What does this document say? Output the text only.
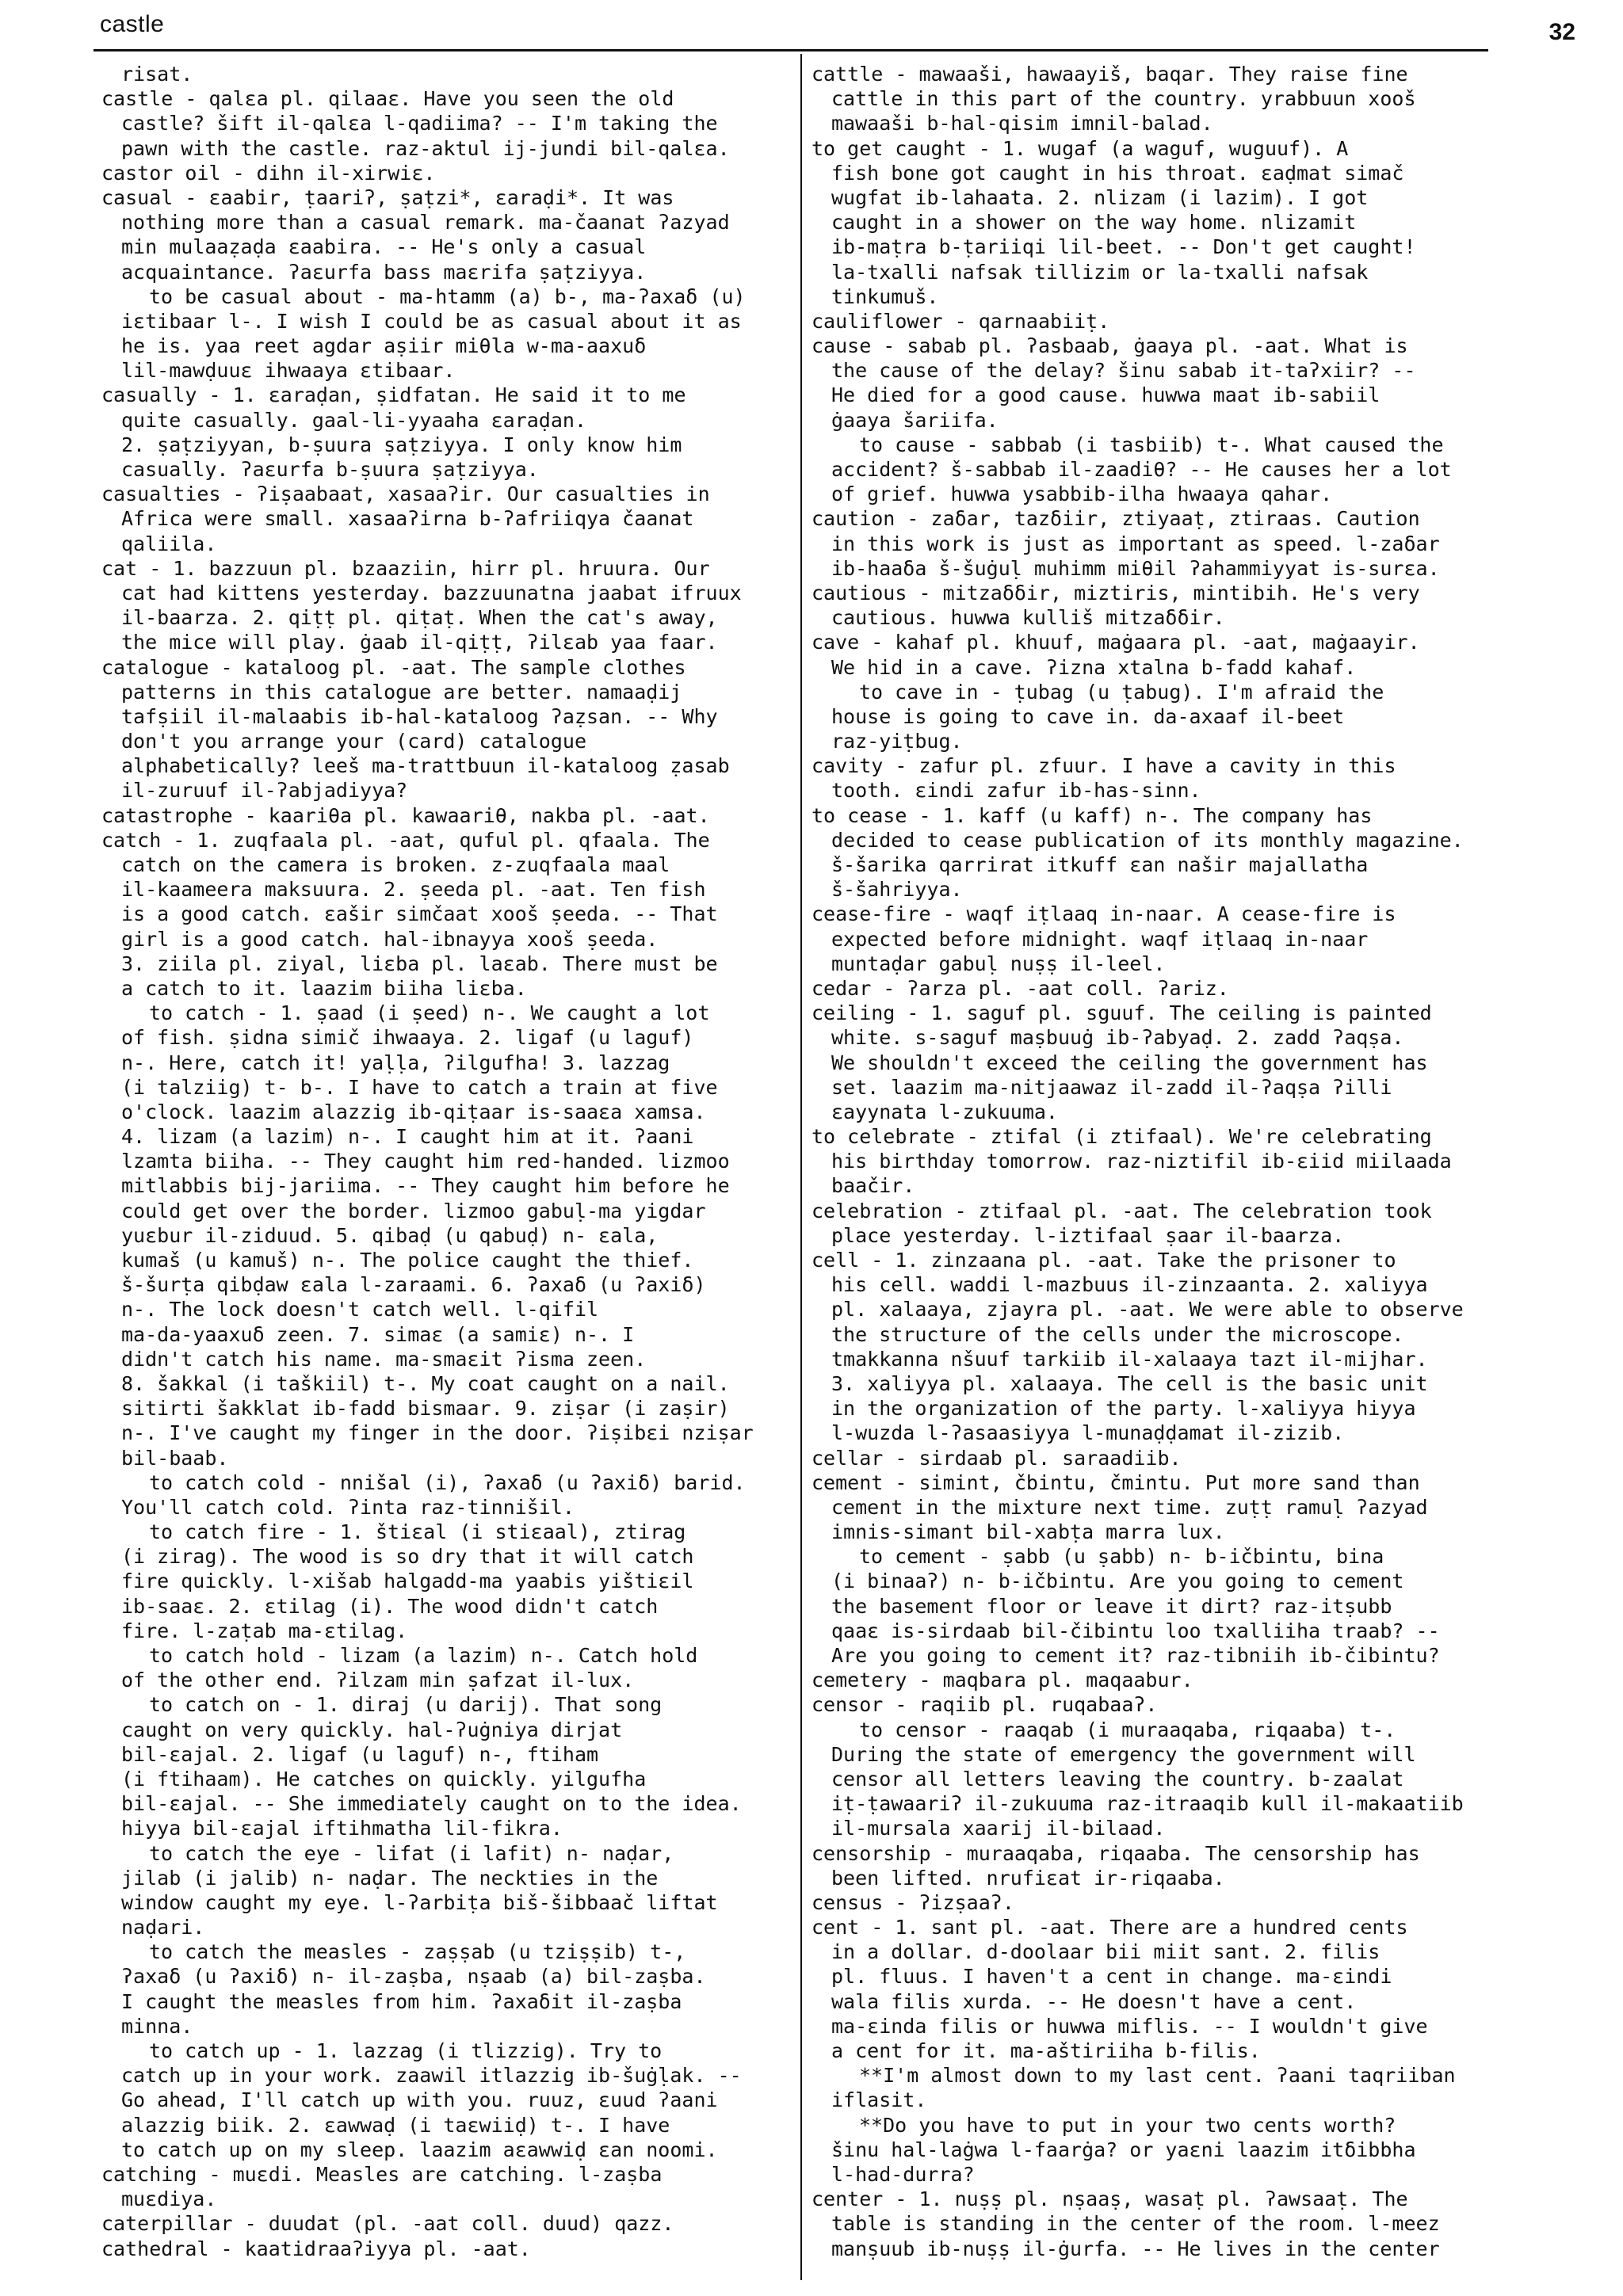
castle	32
risat.
castle - qalεa pl. qilaaε. Have you seen the old
castle? šift il-qalεa l-qadiima? -- I'm taking the
pawn with the castle. raz-aktul ij-jundi bil-qalεa.
castor oil - dihn il-xirwiε.
casual - εaabir, ṭaariʔ, ṣaṭzi*, εaraḍi*. It was
nothing more than a casual remark. ma-čaanat ʔazyad
min mulaaẓaḍa εaabira. -- He's only a casual
acquaintance. ʔaεurfa bass maεrifa ṣaṭziyya.
to be casual about - ma-htamm (a) b-, ma-ʔaxaδ (u)
iεtibaar l-. I wish I could be as casual about it as
he is. yaa reet agdar aṣiir miθla w-ma-aaxuδ
lil-mawḍuuε ihwaaya εtibaar.
casually - 1. εaraḍan, ṣidfatan. He said it to me
quite casually. gaal-li-yyaaha εaraḍan.
2. ṣaṭziyyan, b-ṣuura ṣaṭziyya. I only know him
casually. ʔaεurfa b-ṣuura ṣaṭziyya.
casualties - ʔiṣaabaat, xasaaʔir. Our casualties in
Africa were small. xasaaʔirna b-ʔafriiqya čaanat
qaliila.
cat - 1. bazzuun pl. bzaaziin, hirr pl. hruura. Our
cat had kittens yesterday. bazzuunatna jaabat ifruux
il-baarza. 2. qiṭṭ pl. qiṭaṭ. When the cat's away,
the mice will play. ġaab il-qiṭṭ, ʔilεab yaa faar.
catalogue - kataloog pl. -aat. The sample clothes
patterns in this catalogue are better. namaaḍij
tafṣiil il-malaabis ib-hal-kataloog ʔaẓsan. -- Why
don't you arrange your (card) catalogue
alphabetically? leeš ma-trattbuun il-kataloog ẓasab
il-zuruuf il-ʔabjadiyya?
catastrophe - kaariθa pl. kawaariθ, nakba pl. -aat.
catch - 1. zuqfaala pl. -aat, quful pl. qfaala. The
catch on the camera is broken. z-zuqfaala maal
il-kaameera maksuura. 2. ṣeeda pl. -aat. Ten fish
is a good catch. εašir simčaat xooš ṣeeda. -- That
girl is a good catch. hal-ibnayya xooš ṣeeda.
3. ziila pl. ziyal, liεba pl. laεab. There must be
a catch to it. laazim biiha liεba.
to catch - 1. ṣaad (i ṣeed) n-. We caught a lot
of fish. ṣidna simič ihwaaya. 2. ligaf (u laguf)
n-. Here, catch it! yaḷḷa, ʔilgufha! 3. lazzag
(i talziig) t- b-. I have to catch a train at five
o'clock. laazim alazzig ib-qiṭaar is-saaεa xamsa.
4. lizam (a lazim) n-. I caught him at it. ʔaani
lzamta biiha. -- They caught him red-handed. lizmoo
mitlabbis bij-jariima. -- They caught him before he
could get over the border. lizmoo gabuḷ-ma yigdar
yuεbur il-ziduud. 5. qibaḍ (u qabuḍ) n- εala,
kumaš (u kamuš) n-. The police caught the thief.
š-šurṭa qibḍaw εala l-zaraami. 6. ʔaxaδ (u ʔaxiδ)
n-. The lock doesn't catch well. l-qifil
ma-da-yaaxuδ zeen. 7. simaε (a samiε) n-. I
didn't catch his name. ma-smaεit ʔisma zeen.
8. šakkal (i taškiil) t-. My coat caught on a nail.
sitirti šakklat ib-fadd bismaar. 9. ziṣar (i zaṣir)
n-. I've caught my finger in the door. ʔiṣibεi nziṣar
bil-baab.
to catch cold - nnišal (i), ʔaxaδ (u ʔaxiδ) barid.
You'll catch cold. ʔinta raz-tinnišil.
to catch fire - 1. štiεal (i stiεaal), ztirag
(i zirag). The wood is so dry that it will catch
fire quickly. l-xišab halgadd-ma yaabis yištiεil
ib-saaε. 2. εtilag (i). The wood didn't catch
fire. l-zaṭab ma-εtilag.
to catch hold - lizam (a lazim) n-. Catch hold
of the other end. ʔilzam min ṣafzat il-lux.
to catch on - 1. diraj (u darij). That song
caught on very quickly. hal-ʔuġniya dirjat
bil-εajal. 2. ligaf (u laguf) n-, ftiham
(i ftihaam). He catches on quickly. yilgufha
bil-εajal. -- She immediately caught on to the idea.
hiyya bil-εajal iftihmatha lil-fikra.
to catch the eye - lifat (i lafit) n- naḍar,
jilab (i jalib) n- naḍar. The neckties in the
window caught my eye. l-ʔarbiṭa biš-šibbaač liftat
naḍari.
to catch the measles - zaṣṣab (u tziṣṣib) t-,
ʔaxaδ (u ʔaxiδ) n- il-zaṣba, nṣaab (a) bil-zaṣba.
I caught the measles from him. ʔaxaδit il-zaṣba
minna.
to catch up - 1. lazzag (i tlizzig). Try to
catch up in your work. zaawil itlazzig ib-šuġḷak. --
Go ahead, I'll catch up with you. ruuz, εuud ʔaani
alazzig biik. 2. εawwaḍ (i taεwiiḍ) t-. I have
to catch up on my sleep. laazim aεawwiḍ εan noomi.
catching - muεdi. Measles are catching. l-zaṣba
muεdiya.
caterpillar - duudat (pl. -aat coll. duud) qazz.
cathedral - kaatidraaʔiyya pl. -aat.
cattle - mawaaši, hawaayiš, baqar. They raise fine
cattle in this part of the country. yrabbuun xooš
mawaaši b-hal-qisim imnil-balad.
to get caught - 1. wugaf (a waguf, wuguuf). A
fish bone got caught in his throat. εaḍmat simač
wugfat ib-lahaata. 2. nlizam (i lazim). I got
caught in a shower on the way home. nlizamit
ib-maṭra b-ṭariiqi lil-beet. -- Don't get caught!
la-txalli nafsak tillizim or la-txalli nafsak
tinkumuš.
cauliflower - qarnaabiiṭ.
cause - sabab pl. ʔasbaab, ġaaya pl. -aat. What is
the cause of the delay? šinu sabab it-taʔxiir? --
He died for a good cause. huwwa maat ib-sabiil
ġaaya šariifa.
to cause - sabbab (i tasbiib) t-. What caused the
accident? š-sabbab il-zaadiθ? -- He causes her a lot
of grief. huwwa ysabbib-ilha hwaaya qahar.
caution - zaδar, tazδiir, ztiyaaṭ, ztiraas. Caution
in this work is just as important as speed. l-zaδar
ib-haaδa š-šuġuḷ muhimm miθil ʔahammiyyat is-surεa.
cautious - mitzaδδir, miztiris, mintibih. He's very
cautious. huwwa kulliš mitzaδδir.
cave - kahaf pl. khuuf, maġaara pl. -aat, maġaayir.
We hid in a cave. ʔizna xtalna b-fadd kahaf.
to cave in - ṭubag (u ṭabug). I'm afraid the
house is going to cave in. da-axaaf il-beet
raz-yiṭbug.
cavity - zafur pl. zfuur. I have a cavity in this
tooth. εindi zafur ib-has-sinn.
to cease - 1. kaff (u kaff) n-. The company has
decided to cease publication of its monthly magazine.
š-šarika qarrirat itkuff εan našir majallatha
š-šahriyya.
cease-fire - waqf iṭlaaq in-naar. A cease-fire is
expected before midnight. waqf iṭlaaq in-naar
muntaḍar gabuḷ nuṣṣ il-leel.
cedar - ʔarza pl. -aat coll. ʔariz.
ceiling - 1. saguf pl. sguuf. The ceiling is painted
white. s-saguf maṣbuuġ ib-ʔabyaḍ. 2. zadd ʔaqṣa.
We shouldn't exceed the ceiling the government has
set. laazim ma-nitjaawaz il-zadd il-ʔaqṣa ʔilli
εayynata l-zukuuma.
to celebrate - ztifal (i ztifaal). We're celebrating
his birthday tomorrow. raz-niztifil ib-εiid miilaada
baačir.
celebration - ztifaal pl. -aat. The celebration took
place yesterday. l-iztifaal ṣaar il-baarza.
cell - 1. zinzaana pl. -aat. Take the prisoner to
his cell. waddi l-mazbuus il-zinzaanta. 2. xaliyya
pl. xalaaya, zjayra pl. -aat. We were able to observe
the structure of the cells under the microscope.
tmakkanna nšuuf tarkiib il-xalaaya tazt il-mijhar.
3. xaliyya pl. xalaaya. The cell is the basic unit
in the organization of the party. l-xaliyya hiyya
l-wuzda l-ʔasaasiyya l-munaḍḍamat il-zizib.
cellar - sirdaab pl. saraadiib.
cement - simint, čbintu, čmintu. Put more sand than
cement in the mixture next time. zuṭṭ ramuḷ ʔazyad
imnis-simant bil-xabṭa marra lux.
to cement - ṣabb (u ṣabb) n- b-ičbintu, bina
(i binaaʔ) n- b-ičbintu. Are you going to cement
the basement floor or leave it dirt? raz-itṣubb
qaaε is-sirdaab bil-čibintu loo txalliiha traab? --
Are you going to cement it? raz-tibniih ib-čibintu?
cemetery - maqbara pl. maqaabur.
censor - raqiib pl. ruqabaaʔ.
to censor - raaqab (i muraaqaba, riqaaba) t-.
During the state of emergency the government will
censor all letters leaving the country. b-zaalat
iṭ-ṭawaariʔ il-zukuuma raz-itraaqib kull il-makaatiib
il-mursala xaarij il-bilaad.
censorship - muraaqaba, riqaaba. The censorship has
been lifted. nrufiεat ir-riqaaba.
census - ʔizṣaaʔ.
cent - 1. sant pl. -aat. There are a hundred cents
in a dollar. d-doolaar bii miit sant. 2. filis
pl. fluus. I haven't a cent in change. ma-εindi
wala filis xurda. -- He doesn't have a cent.
ma-εinda filis or huwwa miflis. -- I wouldn't give
a cent for it. ma-aštiriiha b-filis.
**I'm almost down to my last cent. ʔaani taqriiban
iflasit.
**Do you have to put in your two cents worth?
šinu hal-laġwa l-faarġa? or yaεni laazim itδibbha
l-had-durra?
center - 1. nuṣṣ pl. nṣaaṣ, wasaṭ pl. ʔawsaaṭ. The
table is standing in the center of the room. l-meez
manṣuub ib-nuṣṣ il-ġurfa. -- He lives in the center
